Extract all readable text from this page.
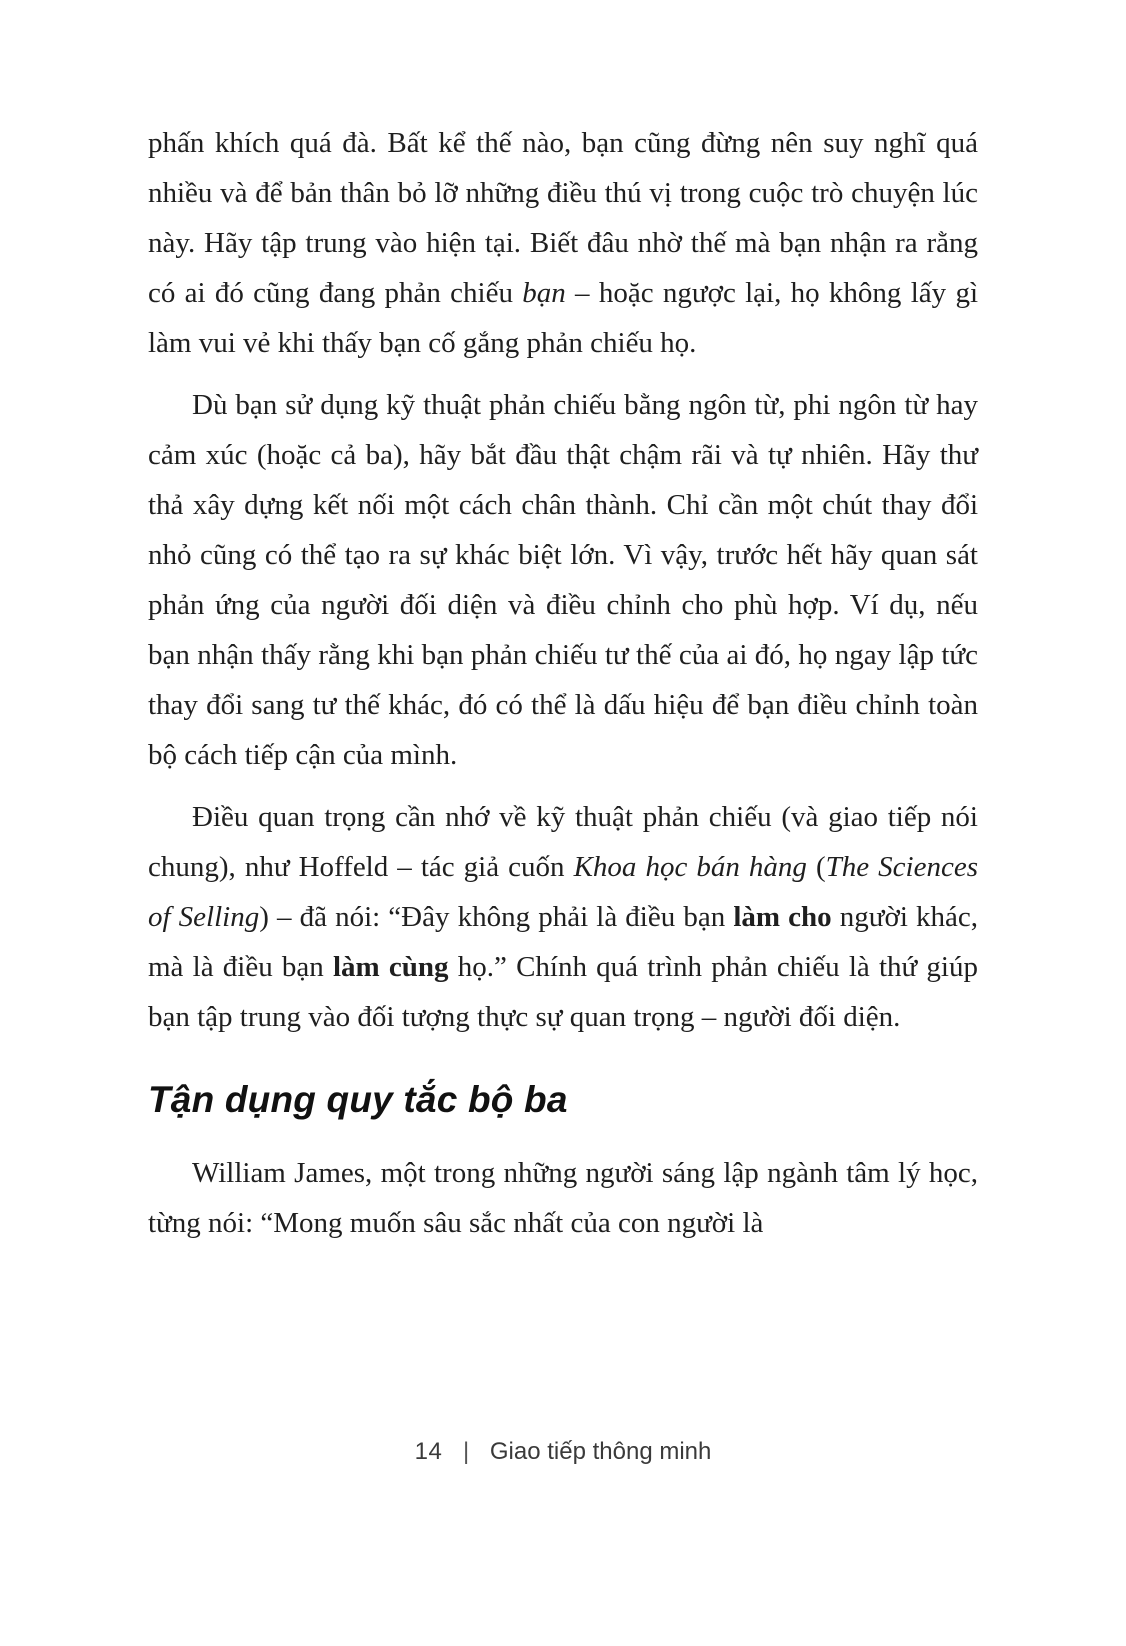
phấn khích quá đà. Bất kể thế nào, bạn cũng đừng nên suy nghĩ quá nhiều và để bản thân bỏ lỡ những điều thú vị trong cuộc trò chuyện lúc này. Hãy tập trung vào hiện tại. Biết đâu nhờ thế mà bạn nhận ra rằng có ai đó cũng đang phản chiếu bạn – hoặc ngược lại, họ không lấy gì làm vui vẻ khi thấy bạn cố gắng phản chiếu họ.

Dù bạn sử dụng kỹ thuật phản chiếu bằng ngôn từ, phi ngôn từ hay cảm xúc (hoặc cả ba), hãy bắt đầu thật chậm rãi và tự nhiên. Hãy thư thả xây dựng kết nối một cách chân thành. Chỉ cần một chút thay đổi nhỏ cũng có thể tạo ra sự khác biệt lớn. Vì vậy, trước hết hãy quan sát phản ứng của người đối diện và điều chỉnh cho phù hợp. Ví dụ, nếu bạn nhận thấy rằng khi bạn phản chiếu tư thế của ai đó, họ ngay lập tức thay đổi sang tư thế khác, đó có thể là dấu hiệu để bạn điều chỉnh toàn bộ cách tiếp cận của mình.

Điều quan trọng cần nhớ về kỹ thuật phản chiếu (và giao tiếp nói chung), như Hoffeld – tác giả cuốn Khoa học bán hàng (The Sciences of Selling) – đã nói: “Đây không phải là điều bạn làm cho người khác, mà là điều bạn làm cùng họ.” Chính quá trình phản chiếu là thứ giúp bạn tập trung vào đối tượng thực sự quan trọng – người đối diện.

Tận dụng quy tắc bộ ba

William James, một trong những người sáng lập ngành tâm lý học, từng nói: “Mong muốn sâu sắc nhất của con người là

14 | Giao tiếp thông minh
